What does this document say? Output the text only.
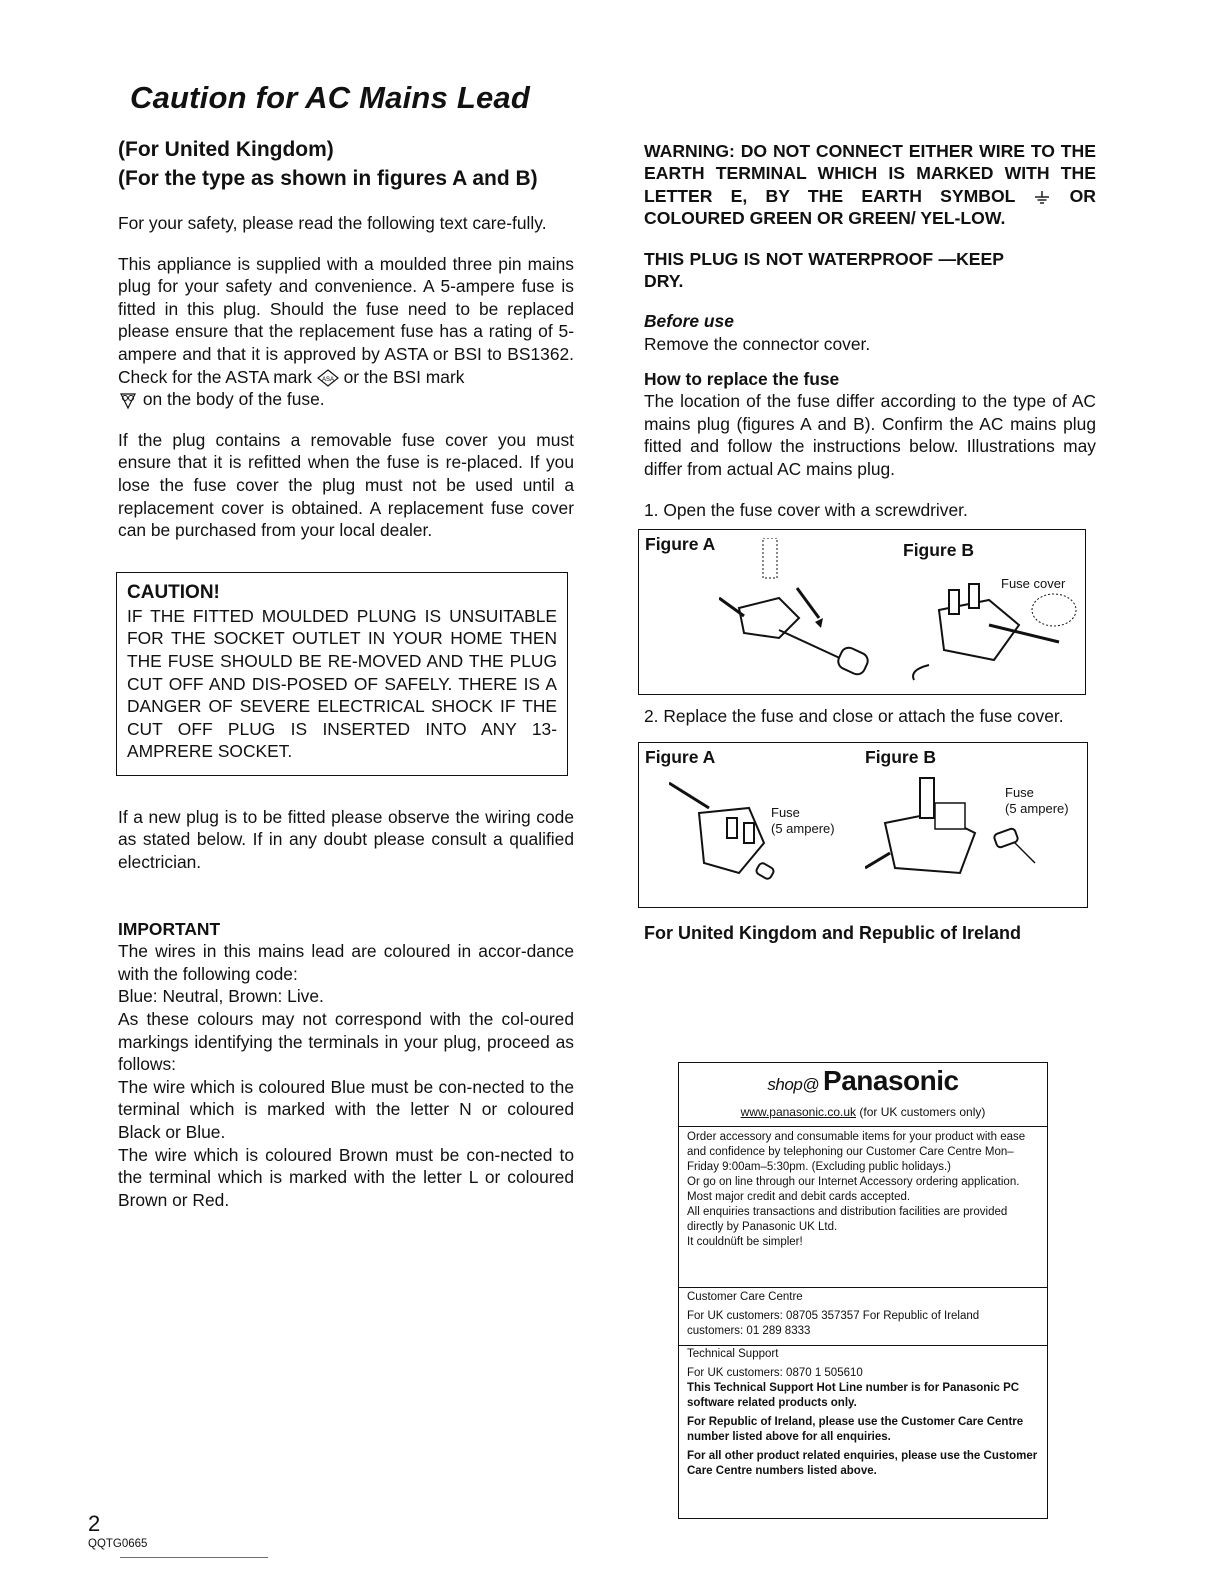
Caution for AC Mains Lead
(For United Kingdom)
(For the type as shown in figures A and B)

For your safety, please read the following text care-fully.

This appliance is supplied with a moulded three pin mains plug for your safety and convenience. A 5-ampere fuse is fitted in this plug. Should the fuse need to be replaced please ensure that the replacement fuse has a rating of 5-ampere and that it is approved by ASTA or BSI to BS1362. Check for the ASTA mark ASA or the BSI mark
on the body of the fuse.

If the plug contains a removable fuse cover you must ensure that it is refitted when the fuse is re-placed. If you lose the fuse cover the plug must not be used until a replacement cover is obtained. A replacement fuse cover can be purchased from your local dealer.

CAUTION!
IF THE FITTED MOULDED PLUNG IS UNSUITABLE FOR THE SOCKET OUTLET IN YOUR HOME THEN THE FUSE SHOULD BE RE-MOVED AND THE PLUG CUT OFF AND DIS-POSED OF SAFELY. THERE IS A DANGER OF SEVERE ELECTRICAL SHOCK IF THE CUT OFF PLUG IS INSERTED INTO ANY 13-AMPRERE SOCKET.

If a new plug is to be fitted please observe the wiring code as stated below. If in any doubt please consult a qualified electrician.

IMPORTANT

The wires in this mains lead are coloured in accor-dance with the following code:

Blue: Neutral, Brown: Live.

As these colours may not correspond with the col-oured markings identifying the terminals in your plug, proceed as follows:

The wire which is coloured Blue must be con-nected to the terminal which is marked with the letter N or coloured Black or Blue.

The wire which is coloured Brown must be con-nected to the terminal which is marked with the letter L or coloured Brown or Red.

WARNING: DO NOT CONNECT EITHER WIRE TO THE EARTH TERMINAL WHICH IS MARKED WITH THE LETTER E, BY THE EARTH SYMBOL	OR COLOURED GREEN OR GREEN/ YEL-LOW.
THIS PLUG IS NOT WATERPROOF —KEEP DRY.
Before use

Remove the connector cover.

How to replace the fuse

The location of the fuse differ according to the type of AC mains plug (figures A and B). Confirm the AC mains plug fitted and follow the instructions below. Illustrations may differ from actual AC mains plug.

1. Open the fuse cover with a screwdriver.

Figure A	Figure B
Fuse cover

2. Replace the fuse and close or attach the fuse cover.

Figure A	Figure B
Fuse
(5 ampere)
Fuse
(5 ampere)
For United Kingdom and Republic of Ireland
shop@ Panasonic
www.panasonic.co.uk (for UK customers only)
Order accessory and consumable items for your product with ease and confidence by telephoning our Customer Care Centre Mon–Friday 9:00am–5:30pm. (Excluding public holidays.)
Or go on line through our Internet Accessory ordering application.
Most major credit and debit cards accepted.
All enquiries transactions and distribution facilities are provided directly by Panasonic UK Ltd.
It couldnüft be simpler!
Customer Care Centre
For UK customers: 08705 357357 For Republic of Ireland customers: 01 289 8333
Technical Support
For UK customers: 0870 1 505610
This Technical Support Hot Line number is for Panasonic PC software related products only.
For Republic of Ireland, please use the Customer Care Centre number listed above for all enquiries.
For all other product related enquiries, please use the Customer Care Centre numbers listed above.
2
QQTG0665
